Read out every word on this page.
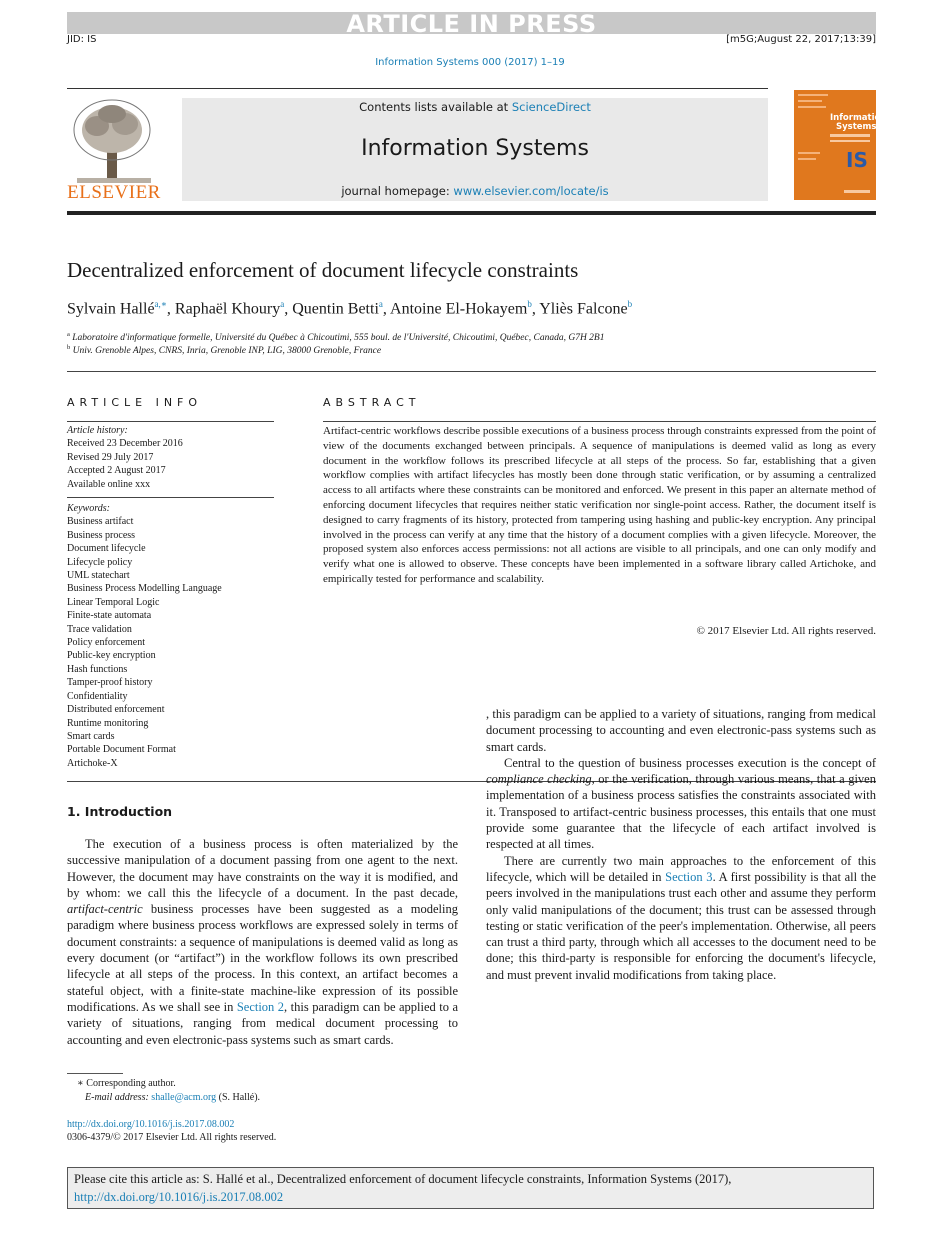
ARTICLE IN PRESS
JID: IS	[m5G;August 22, 2017;13:39]
Information Systems 000 (2017) 1–19
ELSEVIER
Contents lists available at ScienceDirect
Information Systems
journal homepage: www.elsevier.com/locate/is
Information
Systems
IS
Decentralized enforcement of document lifecycle constraints
Sylvain Hallé$^{a,∗}$, Raphaël Khoury$^a$, Quentin Betti$^a$, Antoine El-Hokayem$^b$, Yliès Falcone$^b$
$^a$ Laboratoire d'informatique formelle, Université du Québec à Chicoutimi, 555 boul. de l'Université, Chicoutimi, Québec, Canada, G7H 2B1
$^b$ Univ. Grenoble Alpes, CNRS, Inria, Grenoble INP, LIG, 38000 Grenoble, France
ARTICLE INFO
Article history:
Received 23 December 2016
Revised 29 July 2017
Accepted 2 August 2017
Available online xxx
Keywords:
Business artifact
Business process
Document lifecycle
Lifecycle policy
UML statechart
Business Process Modelling Language
Linear Temporal Logic
Finite-state automata
Trace validation
Policy enforcement
Public-key encryption
Hash functions
Tamper-proof history
Confidentiality
Distributed enforcement
Runtime monitoring
Smart cards
Portable Document Format
Artichoke-X
ABSTRACT
Artifact-centric workflows describe possible executions of a business process through constraints expressed from the point of view of the documents exchanged between principals. A sequence of manipulations is deemed valid as long as every document in the workflow follows its prescribed lifecycle at all steps of the process. So far, establishing that a given workflow complies with artifact lifecycles has mostly been done through static verification, or by assuming a centralized access to all artifacts where these constraints can be monitored and enforced. We present in this paper an alternate method of enforcing document lifecycles that requires neither static verification nor single-point access. Rather, the document itself is designed to carry fragments of its history, protected from tampering using hashing and public-key encryption. Any principal involved in the process can verify at any time that the history of a document complies with a given lifecycle. Moreover, the proposed system also enforces access permissions: not all actions are visible to all principals, and one can only modify and verify what one is allowed to observe. These concepts have been implemented in a software library called Artichoke, and empirically tested for performance and scalability.
© 2017 Elsevier Ltd. All rights reserved.
1. Introduction

The execution of a business process is often materialized by the successive manipulation of a document passing from one agent to the next. However, the document may have constraints on the way it is modified, and by whom: we call this the lifecycle of a document. In the past decade, artifact-centric business processes have been suggested as a modeling paradigm where business process workflows are expressed solely in terms of document constraints: a sequence of manipulations is deemed valid as long as every document (or “artifact”) in the workflow follows its own prescribed lifecycle at all steps of the process. In this context, an artifact becomes a stateful object, with a finite-state machine-like expression of its possible modifications. As we shall see in Section 2, this paradigm can be applied to a variety of situations, ranging from medical document processing to accounting and even electronic-pass systems such as smart cards.

, this paradigm can be applied to a variety of situations, ranging from medical document processing to accounting and even electronic-pass systems such as smart cards.

Central to the question of business processes execution is the concept of compliance checking, or the verification, through various means, that a given implementation of a business process satisfies the constraints associated with it. Transposed to artifact-centric business processes, this entails that one must provide some guarantee that the lifecycle of each artifact involved is respected at all times.

There are currently two main approaches to the enforcement of this lifecycle, which will be detailed in Section 3. A first possibility is that all the peers involved in the manipulations trust each other and assume they perform only valid manipulations of the document; this trust can be assessed through testing or static verification of the peer's implementation. Otherwise, all peers can trust a third party, through which all accesses to the document need to be done; this third-party is responsible for enforcing the document's lifecycle, and must prevent invalid modifications from taking place.

∗ Corresponding author.
E-mail address: shalle@acm.org (S. Hallé).
http://dx.doi.org/10.1016/j.is.2017.08.002
0306-4379/© 2017 Elsevier Ltd. All rights reserved.
Please cite this article as: S. Hallé et al., Decentralized enforcement of document lifecycle constraints, Information Systems (2017),
http://dx.doi.org/10.1016/j.is.2017.08.002
